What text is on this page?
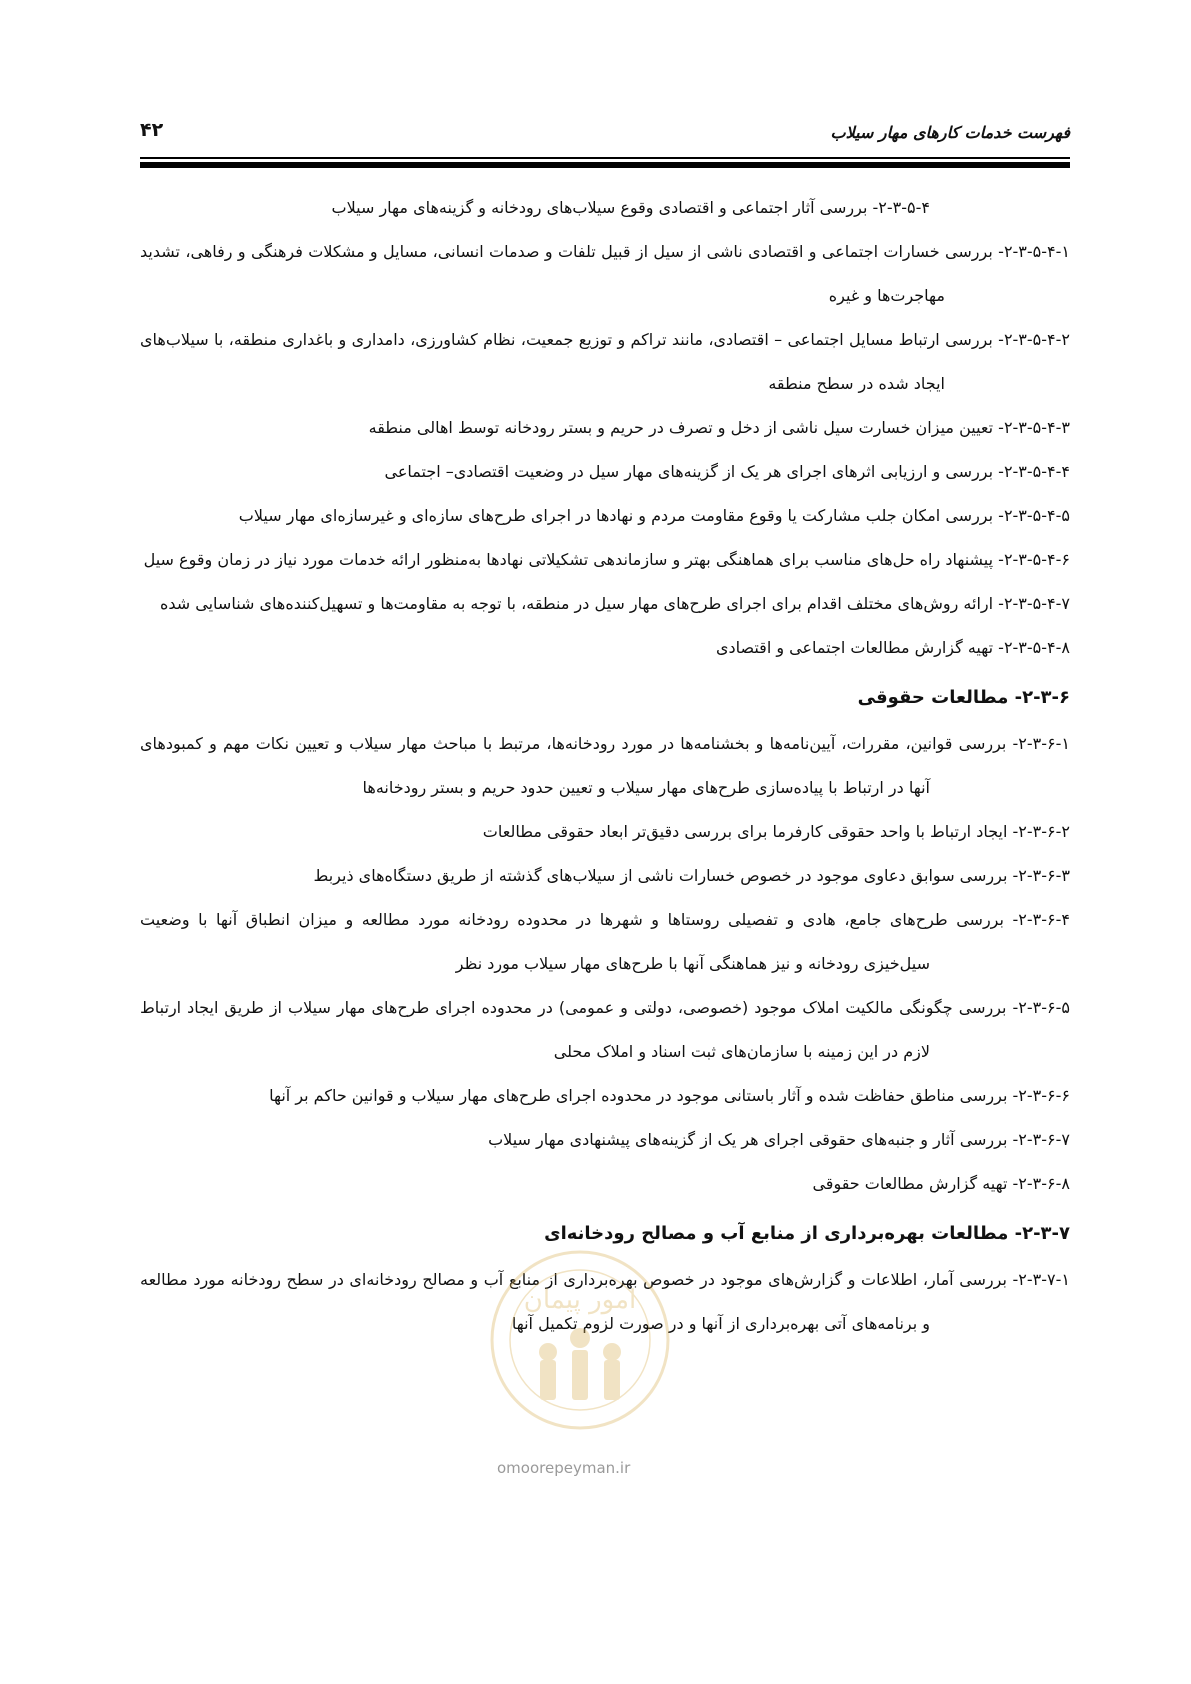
فهرست خدمات کارهای مهار سیلاب
۴۲
۲-۳-۵-۴- بررسی آثار اجتماعی و اقتصادی وقوع سیلاب‌های رودخانه و گزینه‌های مهار سیلاب
۲-۳-۵-۴-۱- بررسی خسارات اجتماعی و اقتصادی ناشی از سیل از قبیل تلفات و صدمات انسانی، مسایل و مشکلات فرهنگی و رفاهی، تشدید مهاجرت‌ها و غیره
۲-۳-۵-۴-۲- بررسی ارتباط مسایل اجتماعی – اقتصادی، مانند تراکم و توزیع جمعیت، نظام کشاورزی، دامداری و باغداری منطقه، با سیلاب‌های ایجاد شده در سطح منطقه
۲-۳-۵-۴-۳- تعیین میزان خسارت سیل ناشی از دخل و تصرف در حریم و بستر رودخانه توسط اهالی منطقه
۲-۳-۵-۴-۴- بررسی و ارزیابی اثرهای اجرای هر یک از گزینه‌های مهار سیل در وضعیت اقتصادی– اجتماعی
۲-۳-۵-۴-۵- بررسی امکان جلب مشارکت یا وقوع مقاومت مردم و نهادها در اجرای طرح‌های سازه‌ای و غیرسازه‌ای مهار سیلاب
۲-۳-۵-۴-۶- پیشنهاد راه حل‌های مناسب برای هماهنگی بهتر و سازماندهی تشکیلاتی نهادها به‌منظور ارائه خدمات مورد نیاز در زمان وقوع سیل
۲-۳-۵-۴-۷- ارائه روش‌های مختلف اقدام برای اجرای طرح‌های مهار سیل در منطقه، با توجه به مقاومت‌ها و تسهیل‌کننده‌های شناسایی شده
۲-۳-۵-۴-۸- تهیه گزارش مطالعات اجتماعی و اقتصادی
۲-۳-۶- مطالعات حقوقی
۲-۳-۶-۱- بررسی قوانین، مقررات، آیین‌نامه‌ها و بخشنامه‌ها در مورد رودخانه‌ها، مرتبط با مباحث مهار سیلاب و تعیین نکات مهم و کمبودهای آنها در ارتباط با پیاده‌سازی طرح‌های مهار سیلاب و تعیین حدود حریم و بستر رودخانه‌ها
۲-۳-۶-۲- ایجاد ارتباط با واحد حقوقی کارفرما برای بررسی دقیق‌تر ابعاد حقوقی مطالعات
۲-۳-۶-۳- بررسی سوابق دعاوی موجود در خصوص خسارات ناشی از سیلاب‌های گذشته از طریق دستگاه‌های ذیربط
۲-۳-۶-۴- بررسی طرح‌های جامع، هادی و تفصیلی روستاها و شهرها در محدوده رودخانه مورد مطالعه و میزان انطباق آنها با وضعیت سیل‌خیزی رودخانه و نیز هماهنگی آنها با طرح‌های مهار سیلاب مورد نظر
۲-۳-۶-۵- بررسی چگونگی مالکیت املاک موجود (خصوصی، دولتی و عمومی) در محدوده اجرای طرح‌های مهار سیلاب از طریق ایجاد ارتباط لازم در این زمینه با سازمان‌های ثبت اسناد و املاک محلی
۲-۳-۶-۶- بررسی مناطق حفاظت شده و آثار باستانی موجود در محدوده اجرای طرح‌های مهار سیلاب و قوانین حاکم بر آنها
۲-۳-۶-۷- بررسی آثار و جنبه‌های حقوقی اجرای هر یک از گزینه‌های پیشنهادی مهار سیلاب
۲-۳-۶-۸- تهیه گزارش مطالعات حقوقی
۲-۳-۷- مطالعات بهره‌برداری از منابع آب و مصالح رودخانه‌ای
۲-۳-۷-۱- بررسی آمار، اطلاعات و گزارش‌های موجود در خصوص بهره‌برداری از منابع آب و مصالح رودخانه‌ای در سطح رودخانه مورد مطالعه و برنامه‌های آتی بهره‌برداری از آنها و در صورت لزوم تکمیل آنها
امور پیمان
omoorepeyman.ir
